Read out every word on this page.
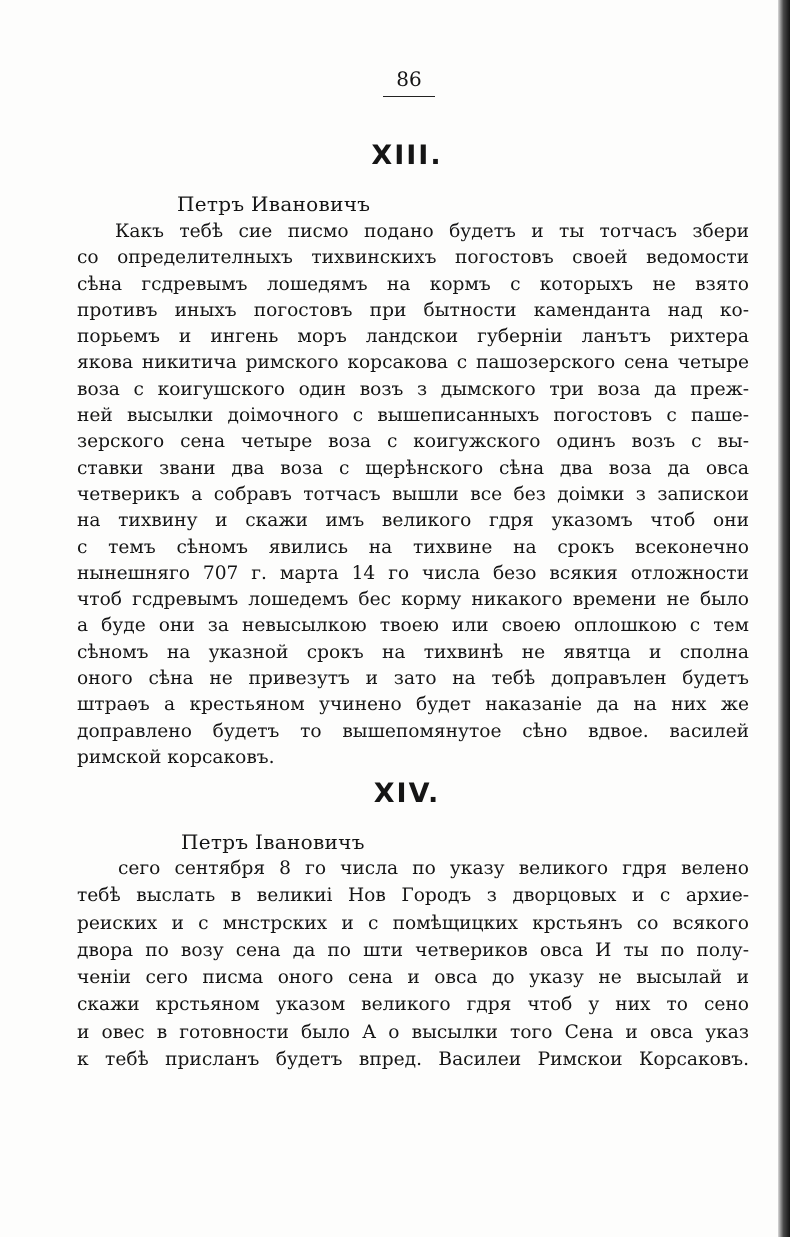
86
XIII.
Петръ Ивановичъ
Какъ тебѣ сие писмо подано будетъ и ты тотчасъ збери
со определителныхъ тихвинскихъ погостовъ своей ведомости
сѣна гсдревымъ лошедямъ на кормъ с которыхъ не взято
противъ иныхъ погостовъ при бытности камендантa над ко-
порьемъ и ингень моръ ландскои губернiи ланътъ рихтера
якова никитича римского корсакова с пашозерского сена четыре
воза с коигушского один возъ з дымского три воза да преж-
ней высылки доiмочного с вышеписанныхъ погостовъ с пaше-
зерского сена четыре воза с коигужского одинъ возъ с вы-
ставки звани два воза с щерѣнского сѣна два воза да овса
четверикъ а собравъ тотчасъ вышли все без доiмки з запискои
на тихвину и скажи имъ великого гдря указомъ чтоб они
с темъ сѣномъ явились на тихвине на срокъ всеконечно
нынешняго 707 г. марта 14 го числа безо всякия отложности
чтоб гсдревымъ лошедемъ бес корму никакого времени не было
а буде они за невысылкою твоею или своею оплошкою с тем
сѣномъ на указной срокъ на тихвинѣ не явятца и сполна
оного сѣна не привезутъ и зато на тебѣ доправълен будетъ
штраѳъ а крестьяном учинено будет наказанiе да на них же
доправлено будетъ то вышепомянутое сѣно вдвое. василей
римской корсаковъ.
XIV.
Петръ Iвановичъ
сего сентября 8 го числа по указу великого гдря велено
тебѣ выслать в великиi Нов Городъ з дворцовых и с архие-
реиских и с мнстрских и с помѣщицких крстьянъ со всякого
двора по возу сена да по шти четвериков овса И ты по полу-
ченiи сего писма оного сена и овса до указу не высылай и
скажи крстьяном указом великого гдря чтоб у них то сено
и овес в готовности было А о высылки того Сена и овса указ
к тебѣ присланъ будетъ впред. Василеи Римскои Корсаковъ.
